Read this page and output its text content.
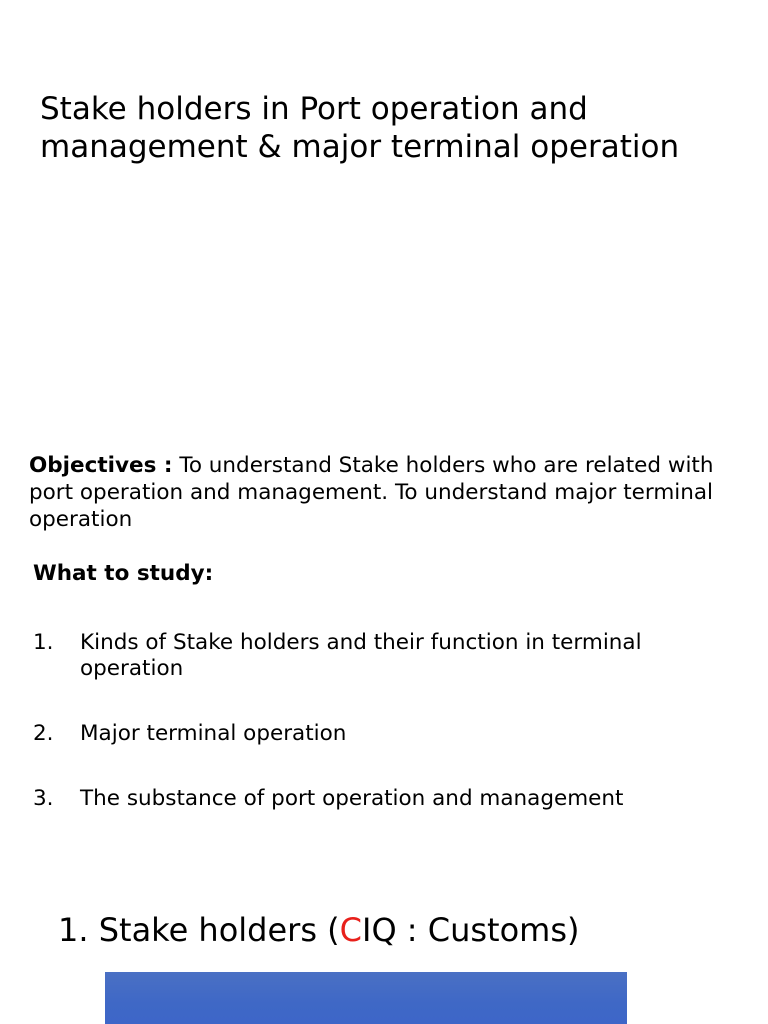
Stake holders in Port operation and management & major terminal operation

Objectives : To understand Stake holders who are related with port operation and management. To understand major terminal operation

What to study:

1.	Kinds of Stake holders and their function in terminal operation
2.	Major terminal operation
3.	The substance of port operation and management
1. Stake holders (CIQ : Customs)
